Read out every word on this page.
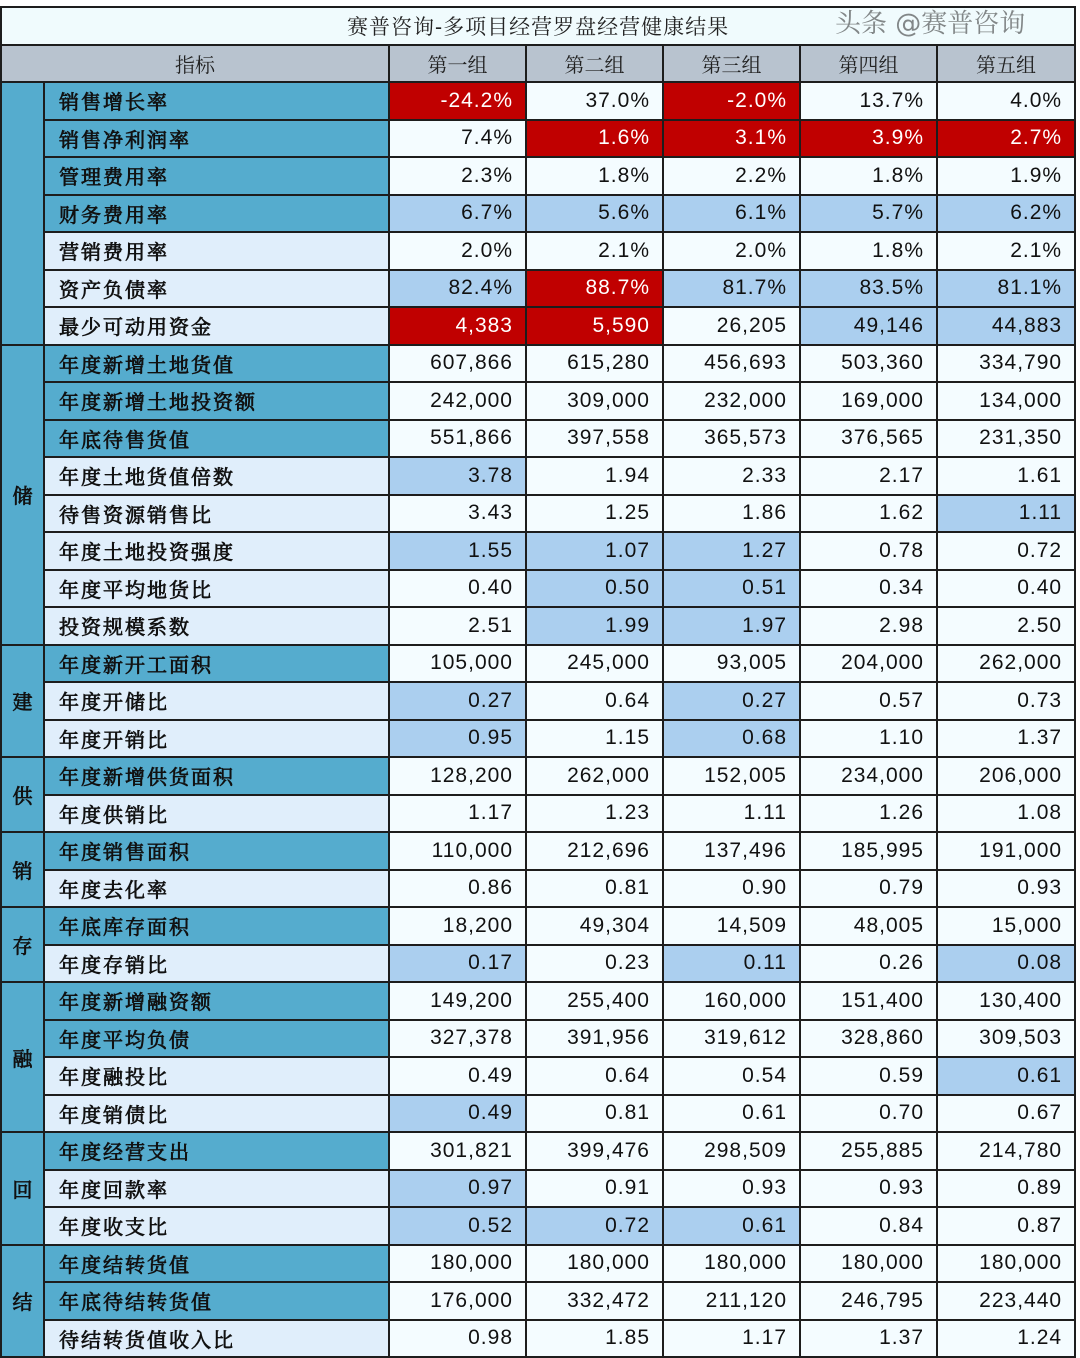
赛普咨询-多项目经营罗盘经营健康结果						
指标		第一组	第二组	第三组	第四组	第五组
	销售增长率	-24.2%	37.0%	-2.0%	13.7%	4.0%
	销售净利润率	7.4%	1.6%	3.1%	3.9%	2.7%
	管理费用率	2.3%	1.8%	2.2%	1.8%	1.9%
	财务费用率	6.7%	5.6%	6.1%	5.7%	6.2%
	营销费用率	2.0%	2.1%	2.0%	1.8%	2.1%
	资产负债率	82.4%	88.7%	81.7%	83.5%	81.1%
	最少可动用资金	4,383	5,590	26,205	49,146	44,883
储	年度新增土地货值	607,866	615,280	456,693	503,360	334,790
	年度新增土地投资额	242,000	309,000	232,000	169,000	134,000
	年底待售货值	551,866	397,558	365,573	376,565	231,350
	年度土地货值倍数	3.78	1.94	2.33	2.17	1.61
	待售资源销售比	3.43	1.25	1.86	1.62	1.11
	年度土地投资强度	1.55	1.07	1.27	0.78	0.72
	年度平均地货比	0.40	0.50	0.51	0.34	0.40
	投资规模系数	2.51	1.99	1.97	2.98	2.50
建	年度新开工面积	105,000	245,000	93,005	204,000	262,000
	年度开储比	0.27	0.64	0.27	0.57	0.73
	年度开销比	0.95	1.15	0.68	1.10	1.37
供	年度新增供货面积	128,200	262,000	152,005	234,000	206,000
	年度供销比	1.17	1.23	1.11	1.26	1.08
销	年度销售面积	110,000	212,696	137,496	185,995	191,000
	年度去化率	0.86	0.81	0.90	0.79	0.93
存	年底库存面积	18,200	49,304	14,509	48,005	15,000
	年度存销比	0.17	0.23	0.11	0.26	0.08
融	年度新增融资额	149,200	255,400	160,000	151,400	130,400
	年度平均负债	327,378	391,956	319,612	328,860	309,503
	年度融投比	0.49	0.64	0.54	0.59	0.61
	年度销债比	0.49	0.81	0.61	0.70	0.67
回	年度经营支出	301,821	399,476	298,509	255,885	214,780
	年度回款率	0.97	0.91	0.93	0.93	0.89
	年度收支比	0.52	0.72	0.61	0.84	0.87
结	年度结转货值	180,000	180,000	180,000	180,000	180,000
	年底待结转货值	176,000	332,472	211,120	246,795	223,440
	待结转货值收入比	0.98	1.85	1.17	1.37	1.24
头条 @赛普咨询
